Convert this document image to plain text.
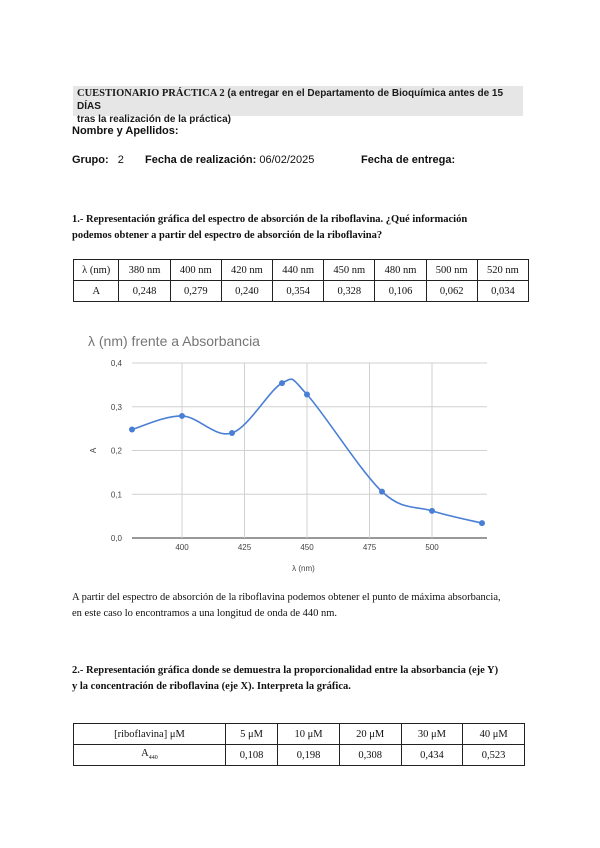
CUESTIONARIO PRÁCTICA 2 (a entregar en el Departamento de Bioquímica antes de 15 DÍAS
tras la realización de la práctica)
Nombre y Apellidos:
Grupo: 2 Fecha de realización: 06/02/2025	Fecha de entrega:
1.- Representación gráfica del espectro de absorción de la riboflavina. ¿Qué información
podemos obtener a partir del espectro de absorción de la riboflavina?
λ (nm)	380 nm	400 nm	420 nm	440 nm	450 nm	480 nm	500 nm	520 nm
A	0,248	0,279	0,240	0,354	0,328	0,106	0,062	0,034
λ (nm) frente a Absorbancia
0,0
0,1
0,2
0,3
0,4
400	425	450	475	500
λ (nm)
A
A partir del espectro de absorción de la riboflavina podemos obtener el punto de máxima absorbancia,
en este caso lo encontramos a una longitud de onda de 440 nm.
2.- Representación gráfica donde se demuestra la proporcionalidad entre la absorbancia (eje Y)
y la concentración de riboflavina (eje X). Interpreta la gráfica.
[riboflavina] μM	5 μM	10 μM	20 μM	30 μM	40 μM
$A_{440}$	0,108	0,198	0,308	0,434	0,523
